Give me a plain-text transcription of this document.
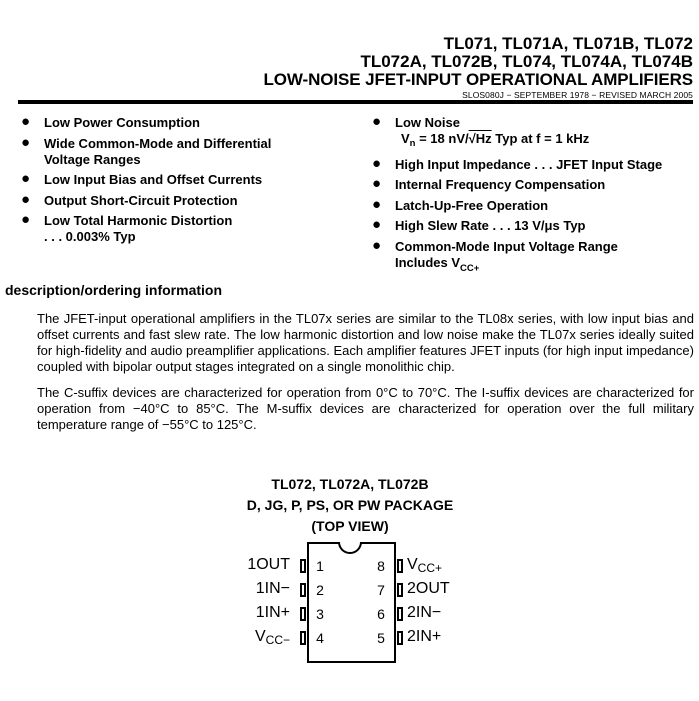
TL071, TL071A, TL071B, TL072
TL072A, TL072B, TL074, TL074A, TL074B
LOW-NOISE JFET-INPUT OPERATIONAL AMPLIFIERS
SLOS080J − SEPTEMBER 1978 − REVISED MARCH 2005
● Low Power Consumption
● Wide Common-Mode and Differential
Voltage Ranges
● Low Input Bias and Offset Currents
● Output Short-Circuit Protection
● Low Total Harmonic Distortion
. . . 0.003% Typ
● Low Noise
$V_n = 18$ nV/√Hz Typ at f = 1 kHz
● High Input Impedance . . . JFET Input Stage
● Internal Frequency Compensation
● Latch-Up-Free Operation
● High Slew Rate . . . 13 V/μs Typ
● Common-Mode Input Voltage Range
Includes $V_{CC+}$
description/ordering information
The JFET-input operational amplifiers in the TL07x series are similar to the TL08x series, with low input bias and offset currents and fast slew rate. The low harmonic distortion and low noise make the TL07x series ideally suited for high-fidelity and audio preamplifier applications. Each amplifier features JFET inputs (for high input impedance) coupled with bipolar output stages integrated on a single monolithic chip.
The C-suffix devices are characterized for operation from 0°C to 70°C. The I-suffix devices are characterized for operation from −40°C to 85°C. The M-suffix devices are characterized for operation over the full military temperature range of −55°C to 125°C.
TL072, TL072A, TL072B
D, JG, P, PS, OR PW PACKAGE
(TOP VIEW)
1
2
3
4
1OUT
1IN−
1IN+
$V_{CC-}$
8
7
6
5
$V_{CC+}$
2OUT
2IN−
2IN+
